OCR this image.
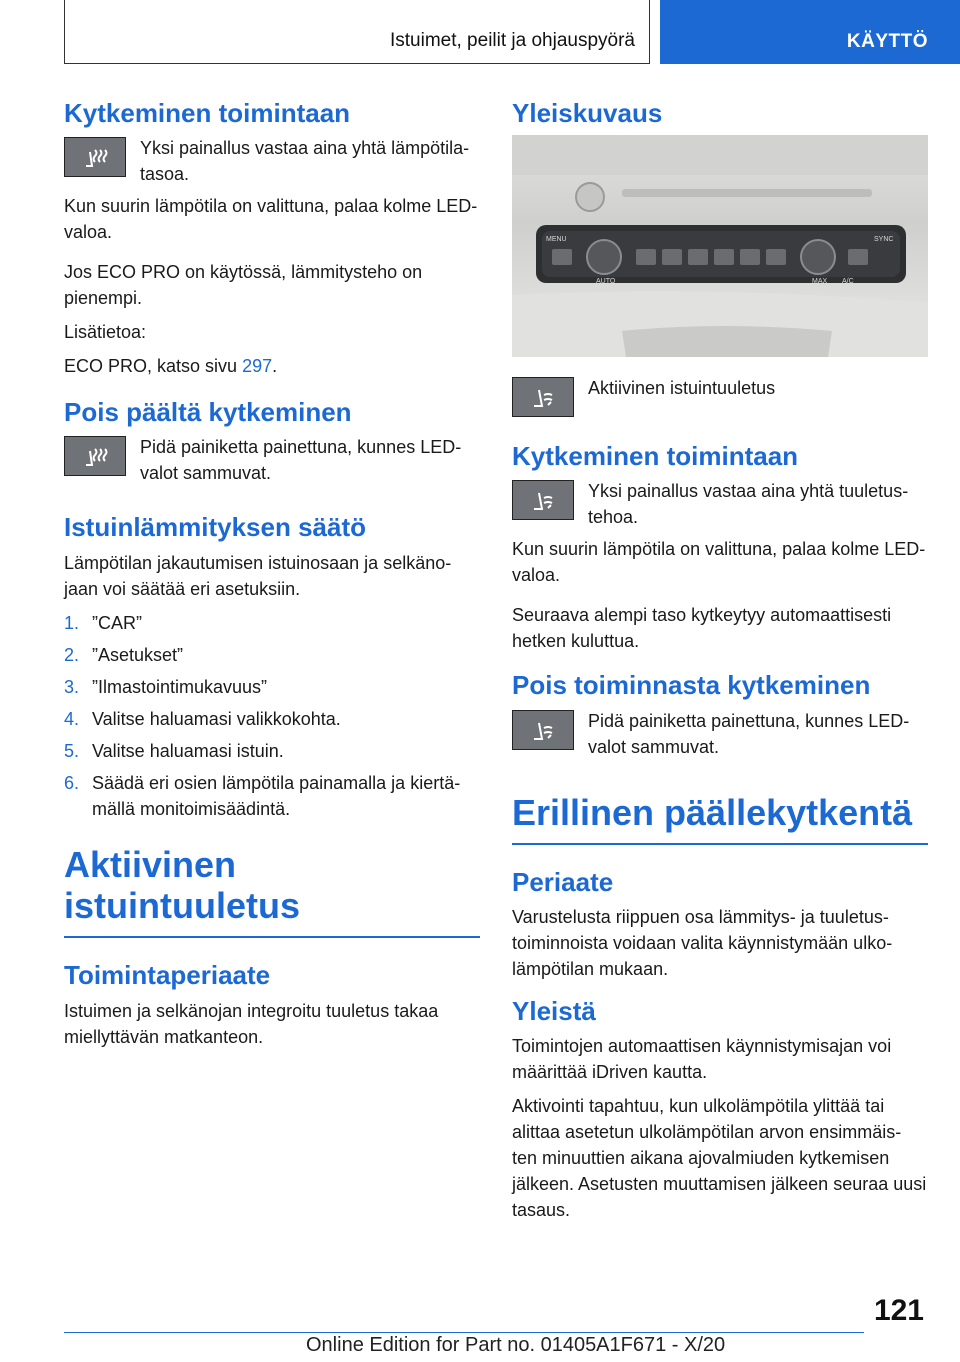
Istuimet, peilit ja ohjauspyörä	KÄYTTÖ
Kytkeminen toimintaan
Yksi painallus vastaa aina yhtä lämpötila‐ tasoa.

Kun suurin lämpötila on valittuna, palaa kolme LED-valoa.

Jos ECO PRO on käytössä, lämmitysteho on pienempi.

Lisätietoa:

ECO PRO, katso sivu 297.

Pois päältä kytkeminen
Pidä painiketta painettuna, kunnes LED-valot sammuvat.
Istuinlämmityksen säätö

Lämpötilan jakautumisen istuinosaan ja selkäno‐ jaan voi säätää eri asetuksiin.

1. ”CAR”
2. ”Asetukset”
3. ”Ilmastointimukavuus”
4. Valitse haluamasi valikkokohta.
5. Valitse haluamasi istuin.
6. Säädä eri osien lämpötila painamalla ja kiertä‐ mällä monitoimisäädintä.
Aktiivinen istuintuuletus
Toimintaperiaate

Istuimen ja selkänojan integroitu tuuletus takaa miellyttävän matkanteon.

Yleiskuvaus
MENU
AUTO	MAX A/C
SYNC
Aktiivinen istuintuuletus
Kytkeminen toimintaan
Yksi painallus vastaa aina yhtä tuuletus‐ tehoa.

Kun suurin lämpötila on valittuna, palaa kolme LED-valoa.

Seuraava alempi taso kytkeytyy automaattisesti hetken kuluttua.

Pois toiminnasta kytkeminen
Pidä painiketta painettuna, kunnes LED-valot sammuvat.
Erillinen päällekytkentä
Periaate

Varustelusta riippuen osa lämmitys- ja tuuletus‐ toiminnoista voidaan valita käynnistymään ulko‐ lämpötilan mukaan.

Yleistä

Toimintojen automaattisen käynnistymisajan voi määrittää iDriven kautta.

Aktivointi tapahtuu, kun ulkolämpötila ylittää tai alittaa asetetun ulkolämpötilan arvon ensimmäis‐ ten minuuttien aikana ajovalmiuden kytkemisen jälkeen. Asetusten muuttamisen jälkeen seuraa uusi tasaus.

121
Online Edition for Part no. 01405A1F671 - X/20
